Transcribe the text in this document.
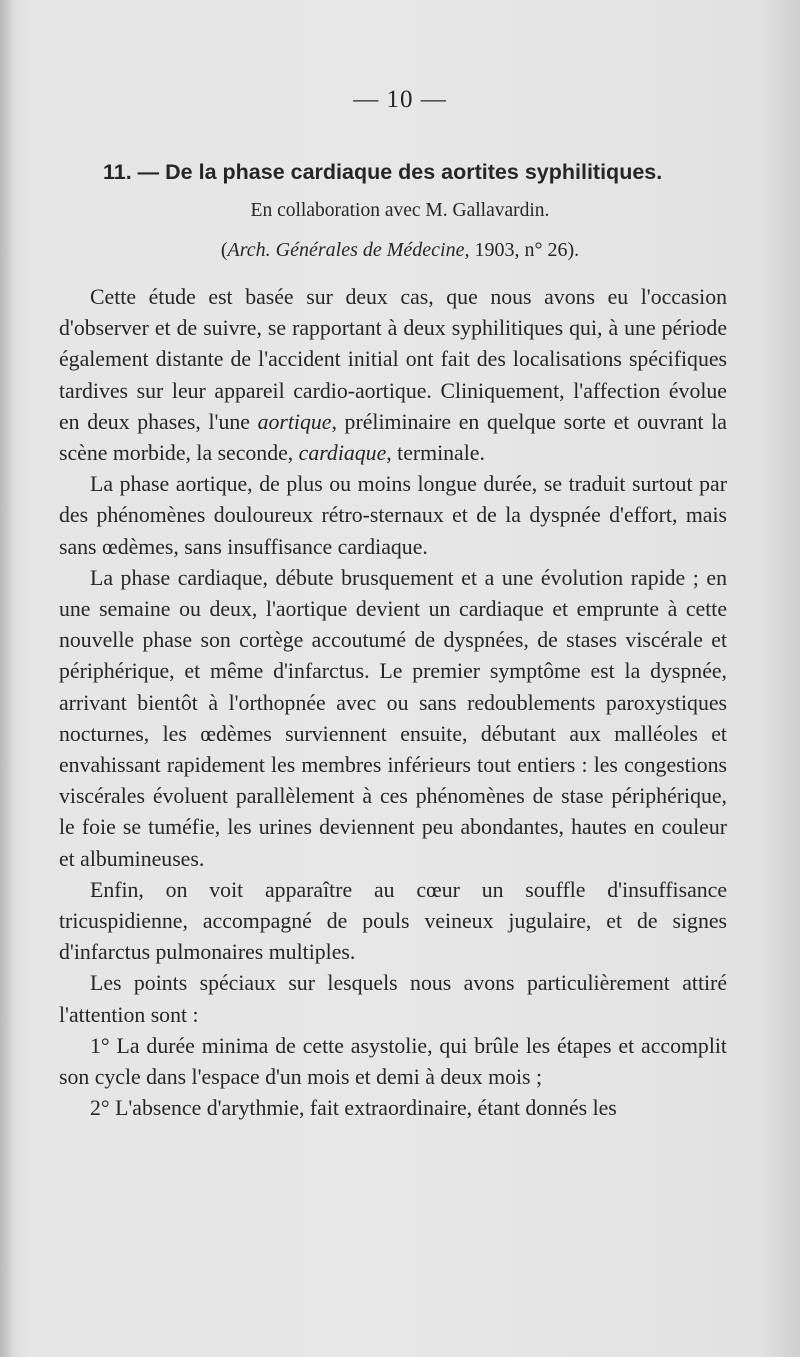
— 10 —
11. — De la phase cardiaque des aortites syphilitiques.
En collaboration avec M. Gallavardin.
(Arch. Générales de Médecine, 1903, n° 26).

Cette étude est basée sur deux cas, que nous avons eu l'occasion d'observer et de suivre, se rapportant à deux syphilitiques qui, à une période également distante de l'accident initial ont fait des localisations spécifiques tardives sur leur appareil cardio-aortique. Cliniquement, l'affection évolue en deux phases, l'une aortique, préliminaire en quelque sorte et ouvrant la scène morbide, la seconde, cardiaque, terminale.

La phase aortique, de plus ou moins longue durée, se traduit surtout par des phénomènes douloureux rétro-sternaux et de la dyspnée d'effort, mais sans œdèmes, sans insuffisance cardiaque.

La phase cardiaque, débute brusquement et a une évolution rapide ; en une semaine ou deux, l'aortique devient un cardiaque et emprunte à cette nouvelle phase son cortège accoutumé de dyspnées, de stases viscérale et périphérique, et même d'infarctus. Le premier symptôme est la dyspnée, arrivant bientôt à l'orthopnée avec ou sans redoublements paroxystiques nocturnes, les œdèmes surviennent ensuite, débutant aux malléoles et envahissant rapidement les membres inférieurs tout entiers : les congestions viscérales évoluent parallèlement à ces phénomènes de stase périphérique, le foie se tuméfie, les urines deviennent peu abondantes, hautes en couleur et albumineuses.

Enfin, on voit apparaître au cœur un souffle d'insuffisance tricuspidienne, accompagné de pouls veineux jugulaire, et de signes d'infarctus pulmonaires multiples.

Les points spéciaux sur lesquels nous avons particulièrement attiré l'attention sont :

1° La durée minima de cette asystolie, qui brûle les étapes et accomplit son cycle dans l'espace d'un mois et demi à deux mois ;

2° L'absence d'arythmie, fait extraordinaire, étant donnés les
